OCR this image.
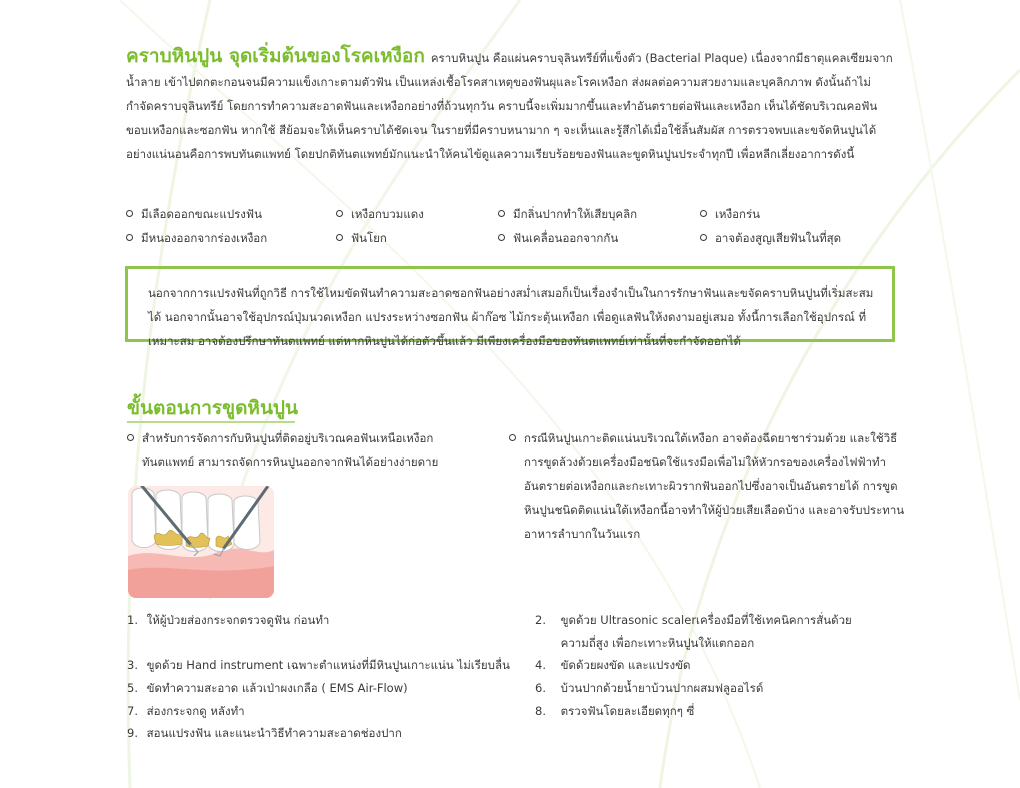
คราบหินปูน จุดเริ่มต้นของโรคเหงือก คราบหินปูน คือแผ่นคราบจุลินทรีย์ที่แข็งตัว (Bacterial Plaque) เนื่องจากมีธาตุแคลเซียมจากน้ำลาย เข้าไปตกตะกอนจนมีความแข็งเกาะตามตัวฟัน เป็นแหล่งเชื้อโรคสาเหตุของฟันผุและโรคเหงือก ส่งผลต่อความสวยงามและบุคลิกภาพ ดังนั้นถ้าไม่กำจัดคราบจุลินทรีย์ โดยการทำความสะอาดฟันและเหงือกอย่างที่ถ้วนทุกวัน คราบนี้จะเพิ่มมากขึ้นและทำอันตรายต่อฟันและเหงือก เห็นได้ชัดบริเวณคอฟัน ขอบเหงือกและซอกฟัน หากใช้ สีย้อมจะให้เห็นคราบได้ชัดเจน ในรายที่มีคราบหนามาก ๆ จะเห็นและรู้สึกได้เมื่อใช้ลิ้นสัมผัส การตรวจพบและขจัดหินปูนได้อย่างแน่นอนคือการพบทันตแพทย์ โดยปกติทันตแพทย์มักแนะนำให้คนไข้ดูแลความเรียบร้อยของฟันและขูดหินปูนประจำทุกปี เพื่อหลีกเลี่ยงอาการดังนี้

มีเลือดออกขณะแปรงฟัน	เหงือกบวมแดง	มีกลิ่นปากทำให้เสียบุคลิก	เหงือกร่น
มีหนองออกจากร่องเหงือก	ฟันโยก	ฟันเคลื่อนออกจากกัน	อาจต้องสูญเสียฟันในที่สุด
นอกจากการแปรงฟันที่ถูกวิธี การใช้ไหมขัดฟันทำความสะอาดซอกฟันอย่างสม่ำเสมอก็เป็นเรื่องจำเป็นในการรักษาฟันและขจัดคราบหินปูนที่เริ่มสะสมได้ นอกจากนั้นอาจใช้อุปกรณ์ปุ่มนวดเหงือก แปรงระหว่างซอกฟัน ผ้าก๊อซ ไม้กระตุ้นเหงือก เพื่อดูแลฟันให้งดงามอยู่เสมอ ทั้งนี้การเลือกใช้อุปกรณ์ ที่เหมาะสม อาจต้องปรึกษาทันตแพทย์ แต่หากหินปูนได้ก่อตัวขึ้นแล้ว มีเพียงเครื่องมือของทันตแพทย์เท่านั้นที่จะกำจัดออกได้
ขั้นตอนการขูดหินปูน
สำหรับการจัดการกับหินปูนที่ติดอยู่บริเวณคอฟันเหนือเหงือก ทันตแพทย์ สามารถจัดการหินปูนออกจากฟันได้อย่างง่ายดาย
กรณีหินปูนเกาะติดแน่นบริเวณใต้เหงือก อาจต้องฉีดยาชาร่วมด้วย และใช้วิธี การขูดล้วงด้วยเครื่องมือชนิดใช้แรงมือเพื่อไม่ให้หัวกรอของเครื่องไฟฟ้าทำอันตรายต่อเหงือกและกะเทาะผิวรากฟันออกไปซึ่งอาจเป็นอันตรายได้ การขูด หินปูนชนิดติดแน่นใต้เหงือกนี้อาจทำให้ผู้ป่วยเสียเลือดบ้าง และอาจรับประทาน อาหารลำบากในวันแรก
1. ให้ผู้ป่วยส่องกระจกตรวจดูฟัน ก่อนทำ	2. ขูดด้วย Ultrasonic scalerเครื่องมือที่ใช้เทคนิคการสั่นด้วย
ความถี่สูง เพื่อกะเทาะหินปูนให้แตกออก
3. ขูดด้วย Hand instrument เฉพาะตำแหน่งที่มีหินปูนเกาะแน่น ไม่เรียบลื่น 4. ขัดด้วยผงขัด และแปรงขัด
5. ขัดทำความสะอาด แล้วเป่าผงเกลือ ( EMS Air-Flow)	6. บ้วนปากด้วยน้ำยาบ้วนปากผสมฟลูออไรด์
7. ส่องกระจกดู หลังทำ	8. ตรวจฟันโดยละเอียดทุกๆ ซี่
9. สอนแปรงฟัน และแนะนำวิธีทำความสะอาดช่องปาก
